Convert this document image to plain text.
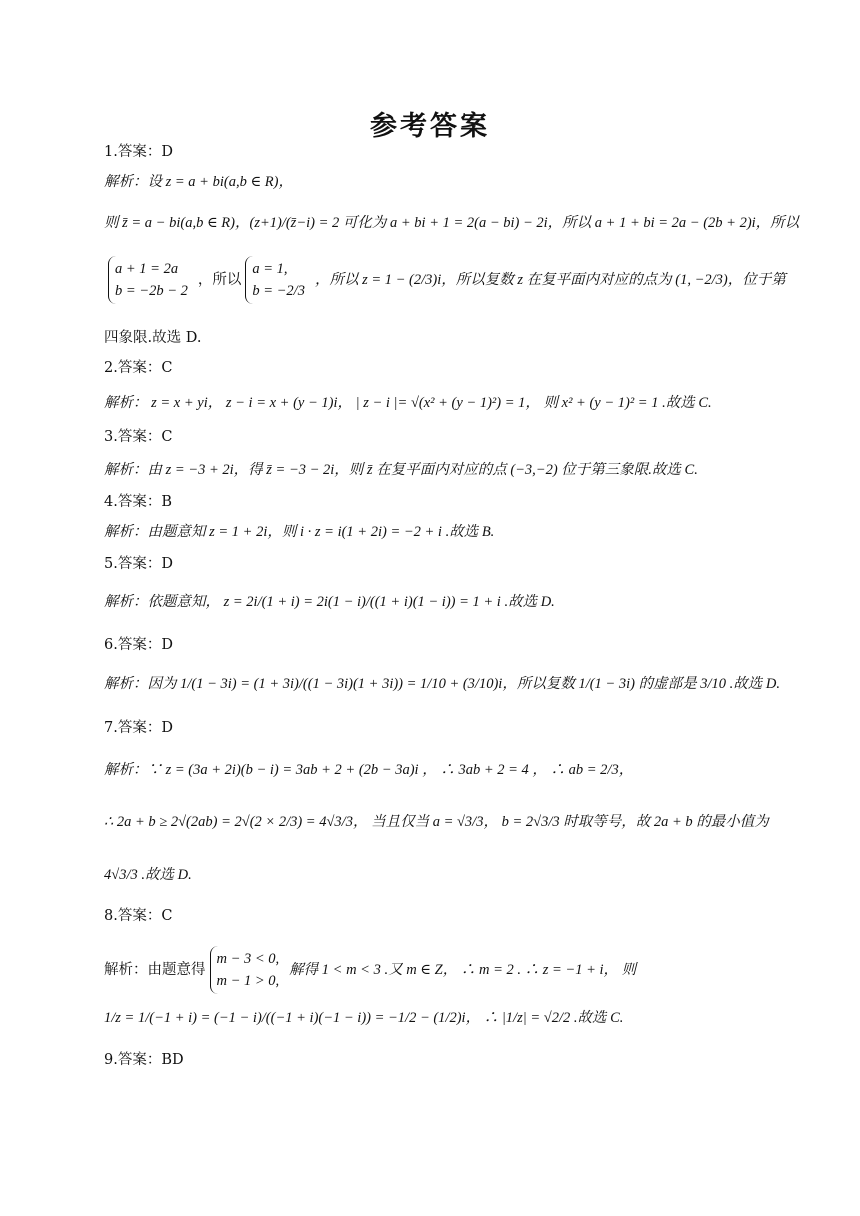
参考答案
1.答案：D
解析：设 z = a + bi(a,b ∈ R)，
则 z̄ = a − bi(a,b ∈ R)，(z+1)/(z̄−i) = 2 可化为 a + bi + 1 = 2(a − bi) − 2i，所以 a + 1 + bi = 2a − (2b + 2)i，所以
a + 1 = 2a
b = −2b − 2
，所以
a = 1,
b = −2/3
，所以 z = 1 − (2/3)i，所以复数 z 在复平面内对应的点为 (1, −2/3)，位于第
四象限.故选 D.
2.答案：C
解析： z = x + yi， z − i = x + (y − 1)i， | z − i |= √(x² + (y − 1)²) = 1， 则 x² + (y − 1)² = 1 .故选 C.
3.答案：C
解析：由 z = −3 + 2i，得 z̄ = −3 − 2i，则 z̄ 在复平面内对应的点 (−3,−2) 位于第三象限.故选 C.
4.答案：B
解析：由题意知 z = 1 + 2i，则 i · z = i(1 + 2i) = −2 + i .故选 B.
5.答案：D
解析：依题意知， z = 2i/(1 + i) = 2i(1 − i)/((1 + i)(1 − i)) = 1 + i .故选 D.
6.答案：D
解析：因为 1/(1 − 3i) = (1 + 3i)/((1 − 3i)(1 + 3i)) = 1/10 + (3/10)i，所以复数 1/(1 − 3i) 的虚部是 3/10 .故选 D.
7.答案：D
解析：∵ z = (3a + 2i)(b − i) = 3ab + 2 + (2b − 3a)i ， ∴ 3ab + 2 = 4 ， ∴ ab = 2/3，
∴ 2a + b ≥ 2√(2ab) = 2√(2 × 2/3) = 4√3/3， 当且仅当 a = √3/3， b = 2√3/3 时取等号，故 2a + b 的最小值为
4√3/3 .故选 D.
8.答案：C
解析：由题意得
m − 3 < 0,
m − 1 > 0,
解得 1 < m < 3 .又 m ∈ Z， ∴ m = 2 . ∴ z = −1 + i， 则
1/z = 1/(−1 + i) = (−1 − i)/((−1 + i)(−1 − i)) = −1/2 − (1/2)i， ∴ |1/z| = √2/2 .故选 C.
9.答案：BD
